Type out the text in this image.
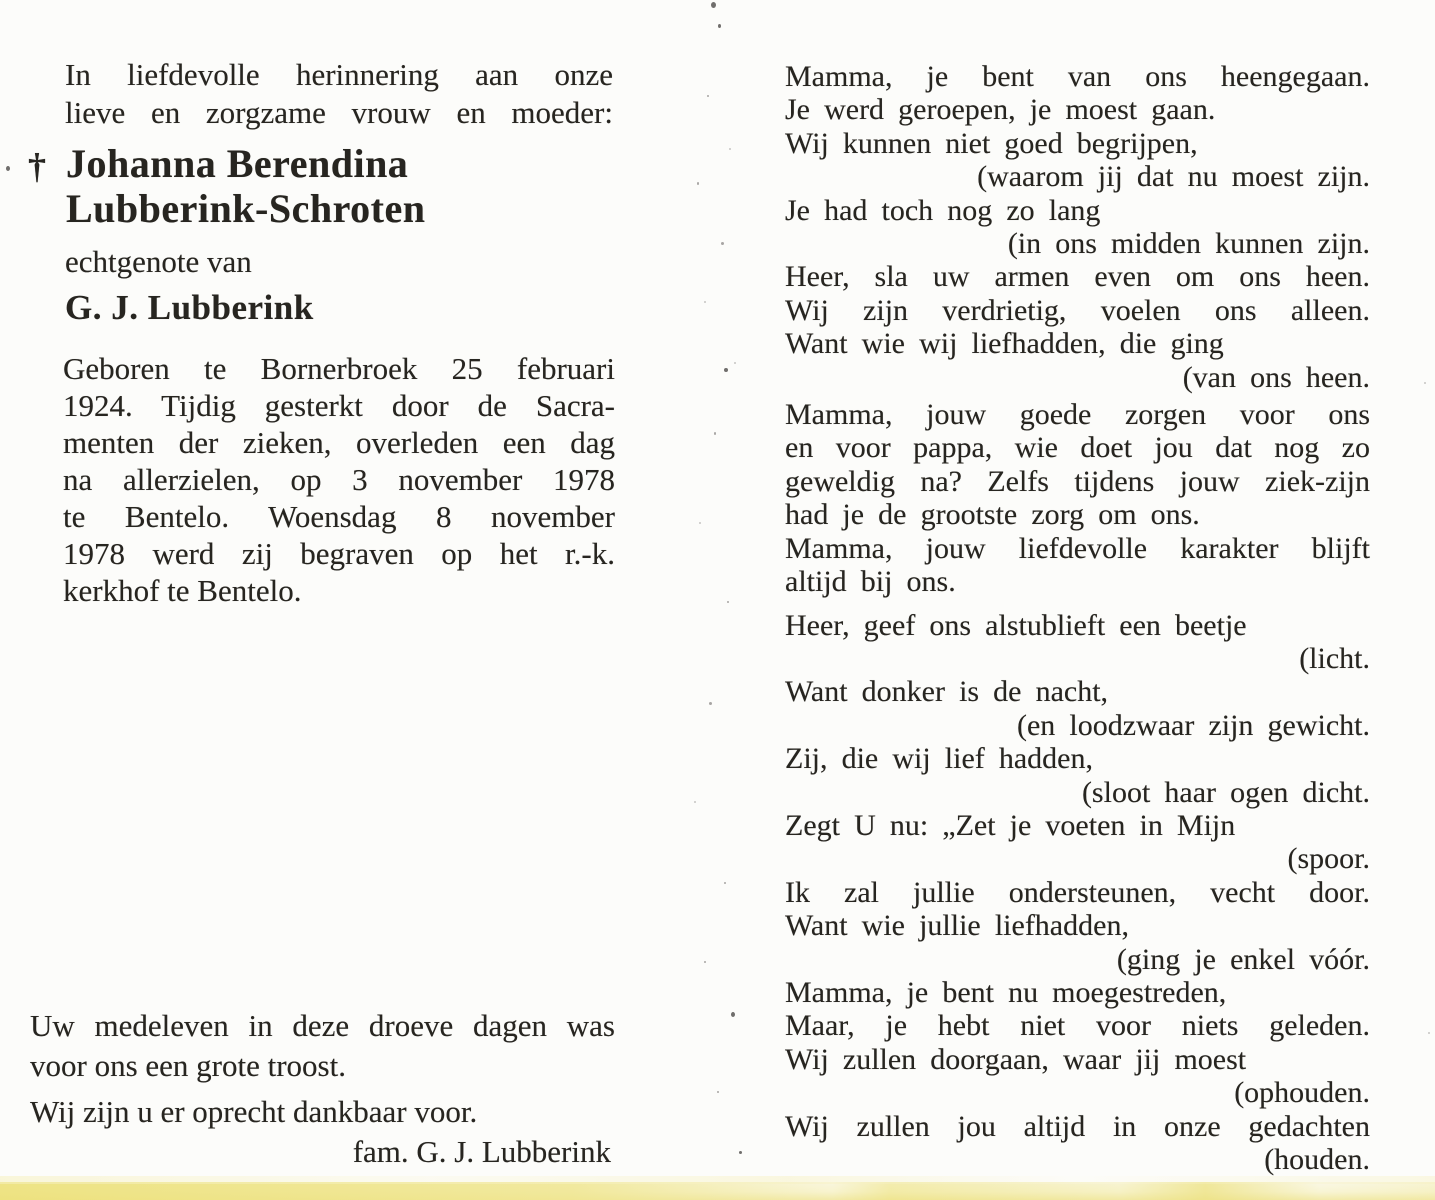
In liefdevolle herinnering aan onze
lieve en zorgzame vrouw en moeder:
† Johanna Berendina
Lubberink-Schroten
echtgenote van
G. J. Lubberink
Geboren te Bornerbroek 25 februari
1924. Tijdig gesterkt door de Sacra-
menten der zieken, overleden een dag
na allerzielen, op 3 november 1978
te Bentelo. Woensdag 8 november
1978 werd zij begraven op het r.-k.
kerkhof te Bentelo.
Uw medeleven in deze droeve dagen was
voor ons een grote troost.
Wij zijn u er oprecht dankbaar voor.
fam. G. J. Lubberink
Mamma, je bent van ons heengegaan.
Je werd geroepen, je moest gaan.
Wij kunnen niet goed begrijpen,
(waarom jij dat nu moest zijn.
Je had toch nog zo lang
(in ons midden kunnen zijn.
Heer, sla uw armen even om ons heen.
Wij zijn verdrietig, voelen ons alleen.
Want wie wij liefhadden, die ging
(van ons heen.
Mamma, jouw goede zorgen voor ons
en voor pappa, wie doet jou dat nog zo
geweldig na? Zelfs tijdens jouw ziek-zijn
had je de grootste zorg om ons.
Mamma, jouw liefdevolle karakter blijft
altijd bij ons.
Heer, geef ons alstublieft een beetje
(licht.
Want donker is de nacht,
(en loodzwaar zijn gewicht.
Zij, die wij lief hadden,
(sloot haar ogen dicht.
Zegt U nu: „Zet je voeten in Mijn
(spoor.
Ik zal jullie ondersteunen, vecht door.
Want wie jullie liefhadden,
(ging je enkel vóór.
Mamma, je bent nu moegestreden,
Maar, je hebt niet voor niets geleden.
Wij zullen doorgaan, waar jij moest
(ophouden.
Wij zullen jou altijd in onze gedachten
(houden.
